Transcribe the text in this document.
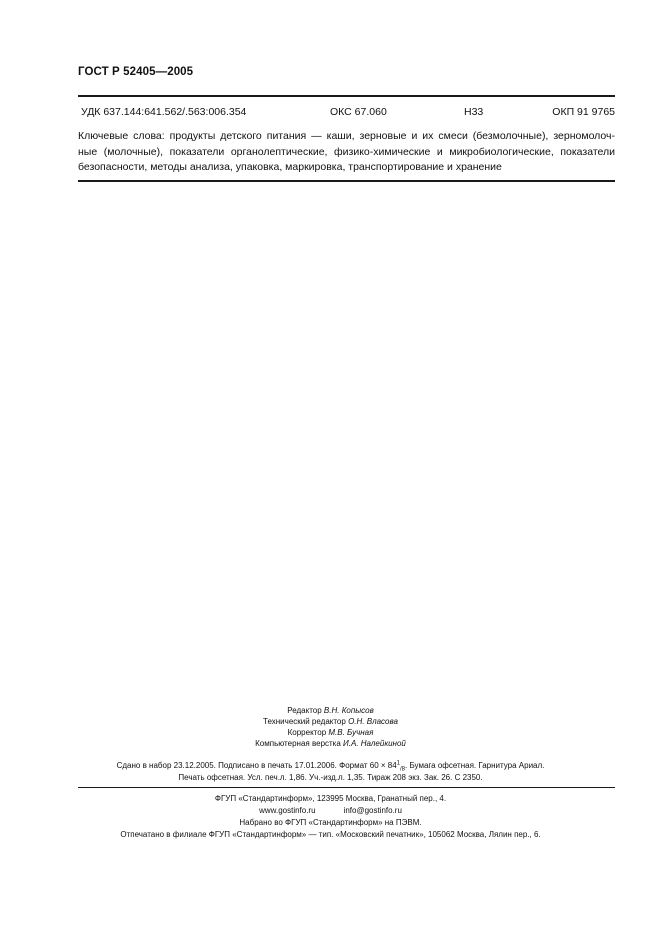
ГОСТ Р 52405—2005
УДК 637.144:641.562/.563:006.354	ОКС 67.060	Н33	ОКП 91 9765
Ключевые слова: продукты детского питания — каши, зерновые и их смеси (безмолочные), зерномолоч-
ные (молочные), показатели органолептические, физико-химические и микробиологические, показатели
безопасности, методы анализа, упаковка, маркировка, транспортирование и хранение
Редактор В.Н. Копысов
Технический редактор О.Н. Власова
Корректор М.В. Бучная
Компьютерная верстка И.А. Налейкиной
Сдано в набор 23.12.2005. Подписано в печать 17.01.2006. Формат $60 \times 84^1_{/8}$. Бумага офсетная. Гарнитура Ариал.
Печать офсетная. Усл. печ.л. 1,86. Уч.-изд.л. 1,35. Тираж 208 экз. Зак. 26. С 2350.
ФГУП «Стандартинформ», 123995 Москва, Гранатный пер., 4.
www.gostinfo.ru	info@gostinfo.ru
Набрано во ФГУП «Стандартинформ» на ПЭВМ.
Отпечатано в филиале ФГУП «Стандартинформ» — тип. «Московский печатник», 105062 Москва, Лялин пер., 6.
